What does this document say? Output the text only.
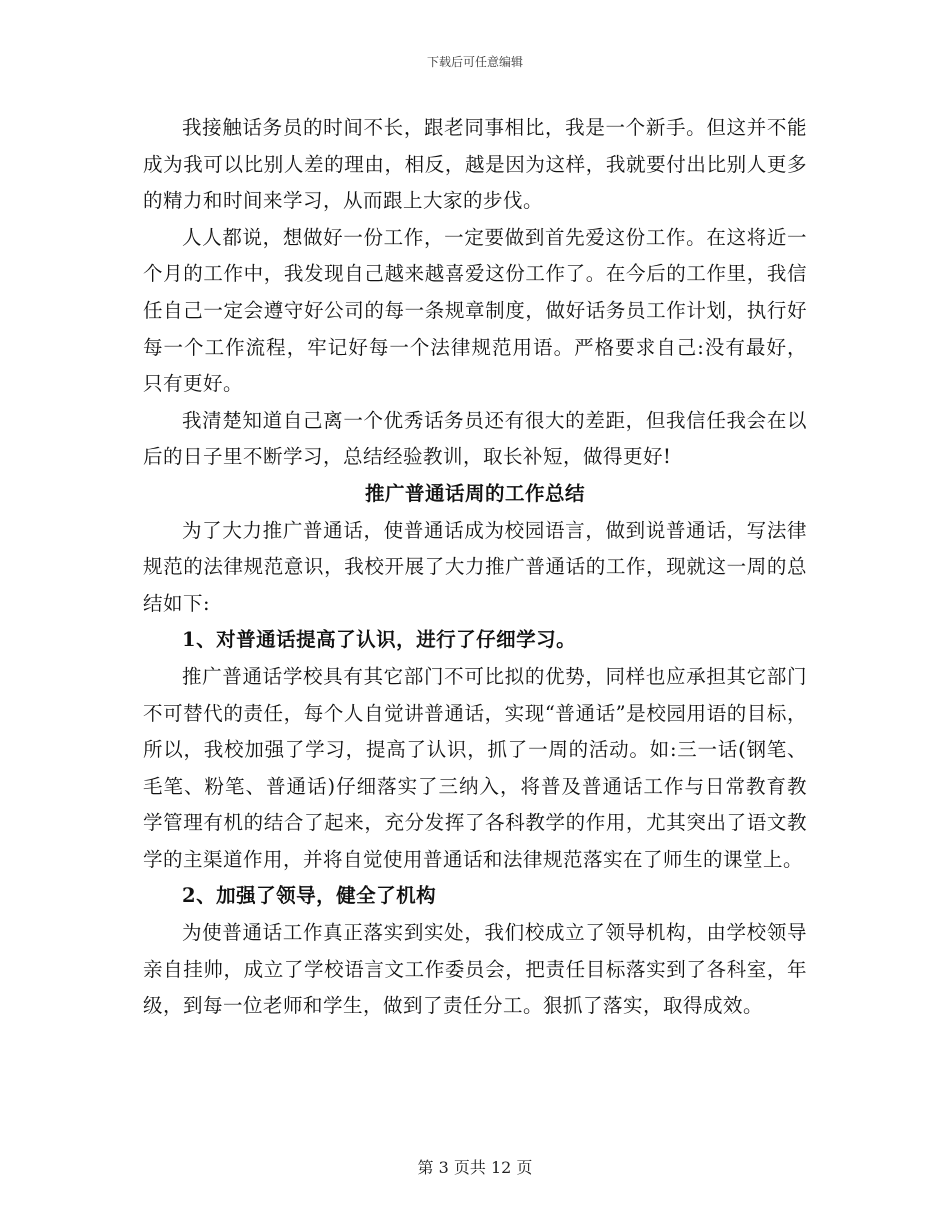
下载后可任意编辑

我接触话务员的时间不长，跟老同事相比，我是一个新手。但这并不能成为我可以比别人差的理由，相反，越是因为这样，我就要付出比别人更多的精力和时间来学习，从而跟上大家的步伐。

人人都说，想做好一份工作，一定要做到首先爱这份工作。在这将近一个月的工作中，我发现自己越来越喜爱这份工作了。在今后的工作里，我信任自己一定会遵守好公司的每一条规章制度，做好话务员工作计划，执行好每一个工作流程，牢记好每一个法律规范用语。严格要求自己:没有最好，只有更好。

我清楚知道自己离一个优秀话务员还有很大的差距，但我信任我会在以后的日子里不断学习，总结经验教训，取长补短，做得更好!

推广普通话周的工作总结

为了大力推广普通话，使普通话成为校园语言，做到说普通话，写法律规范的法律规范意识，我校开展了大力推广普通话的工作，现就这一周的总结如下:

1、对普通话提高了认识，进行了仔细学习。

推广普通话学校具有其它部门不可比拟的优势，同样也应承担其它部门不可替代的责任，每个人自觉讲普通话，实现“普通话”是校园用语的目标，所以，我校加强了学习，提高了认识，抓了一周的活动。如:三一话(钢笔、毛笔、粉笔、普通话)仔细落实了三纳入，将普及普通话工作与日常教育教学管理有机的结合了起来，充分发挥了各科教学的作用，尤其突出了语文教学的主渠道作用，并将自觉使用普通话和法律规范落实在了师生的课堂上。

2、加强了领导，健全了机构

为使普通话工作真正落实到实处，我们校成立了领导机构，由学校领导亲自挂帅，成立了学校语言文工作委员会，把责任目标落实到了各科室，年级，到每一位老师和学生，做到了责任分工。狠抓了落实，取得成效。

第 3 页共 12 页
